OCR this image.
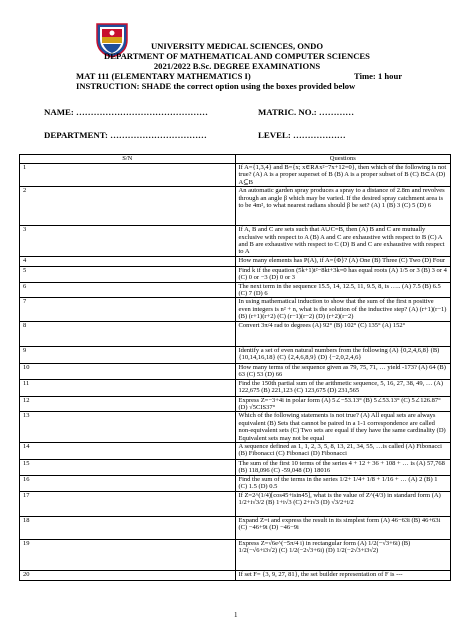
UNIVERSITY MEDICAL SCIENCES, ONDO
DEPARTMENT OF MATHEMATICAL AND COMPUTER SCIENCES
2021/2022 B.Sc. DEGREE EXAMINATIONS
MAT 111 (ELEMENTARY MATHEMATICS I)	Time: 1 hour
INSTRUCTION: SHADE the correct option using the boxes provided below
NAME: ………………………………………	MATRIC. NO.: …………
DEPARTMENT: ……………………………	LEVEL: ………………
S/N	Questions
1	If A={1,3,4} and B={x; x∈R∧x²−7x+12=0}, then which of the following is not true? (A) A is a proper superset of B (B) A is a proper subset of B (C) B⊂A (D) A⊆B
2	An automatic garden spray produces a spray to a distance of 2.8m and revolves through an angle β which may be varied. If the desired spray catchment area is to be 4m², to what nearest radians should β be set? (A) 1 (B) 3 (C) 5 (D) 6
3	If A, B and C are sets such that A∪C=B, then (A) B and C are mutually exclusive with respect to A (B) A and C are exhaustive with respect to B (C) A and B are exhaustive with respect to C (D) B and C are exhaustive with respect to A
4	How many elements has P(A), if A={Φ}? (A) One (B) Three (C) Two (D) Four
5	Find k if the equation (5k+1)t²−8kt+3k=0 has equal roots (A) 1/5 or 3 (B) 3 or 4 (C) 0 or −3 (D) 0 or 3
6	The next term in the sequence 15.5, 14, 12.5, 11, 9.5, 8, is ….. (A) 7.5 (B) 6.5 (C) 7 (D) 6
7	In using mathematical induction to show that the sum of the first n positive even integers is n² + n, what is the solution of the inductive step? (A) (r+1)(r−1) (B) (r+1)(r+2) (C) (r−1)(r−2) (D) (r+2)(r−2)
8	Convert 3π/4 rad to degrees (A) 92° (B) 102° (C) 135° (A) 152°
9	Identify a set of even natural numbers from the following (A) {0,2,4,6,8} (B) {10,14,16,18} (C) {2,4,6,8,9} (D) {−2,0,2,4,6}
10	How many terms of the sequence given as 79, 75, 71, … yield -173? (A) 64 (B) 63 (C) 53 (D) 66
11	Find the 150th partial sum of the arithmetic sequence, 5, 16, 27, 38, 49, … (A) 122,675 (B) 221,123 (C) 123,675 (D) 231,565
12	Express Z=−3+4i in polar form (A) 5∠−53.13° (B) 5∠53.13° (C) 5∠126.87° (D) √5CIS37°
13	Which of the following statements is not true? (A) All equal sets are always equivalent (B) Sets that cannot be paired in a 1-1 correspondence are called non-equivalent sets (C) Two sets are equal if they have the same cardinality (D) Equivalent sets may not be equal
14	A sequence defined as 1, 1, 2, 3, 5, 8, 13, 21, 34, 55, …is called (A) Fibonacci (B) Fibonacci (C) Fibonaci (D) Fibonacci
15	The sum of the first 10 terms of the series 4 + 12 + 36 + 108 + … is (A) 57,768 (B) 118,096 (C) -59,048 (D) 18016
16	Find the sum of the terms in the series 1/2+ 1/4+ 1/8 + 1/16 + … (A) 2 (B) 1 (C) 1.5 (D) 0.5
17	If Z=2^(1/4)[cos45+isin45], what is the value of Z^(4/3) in standard form (A) 1/2+i√3/2 (B) 1+i√3 (C) 2+i√3 (D) √3/2+i/2
18	Expand Z=i and express the result in its simplest form (A) 46−63i (B) 46+63i (C) −46+9i (D) −46−9i
19	Express Z=√6e^(−5π/4 i) in rectangular form (A) 1/2(−√3+6i) (B) 1/2(−√6+i3√2) (C) 1/2(−2√3+6i) (D) 1/2(−2√3+i3√2)
20	If set F= {3, 9, 27, 81}, the set builder representation of F is ---
1
